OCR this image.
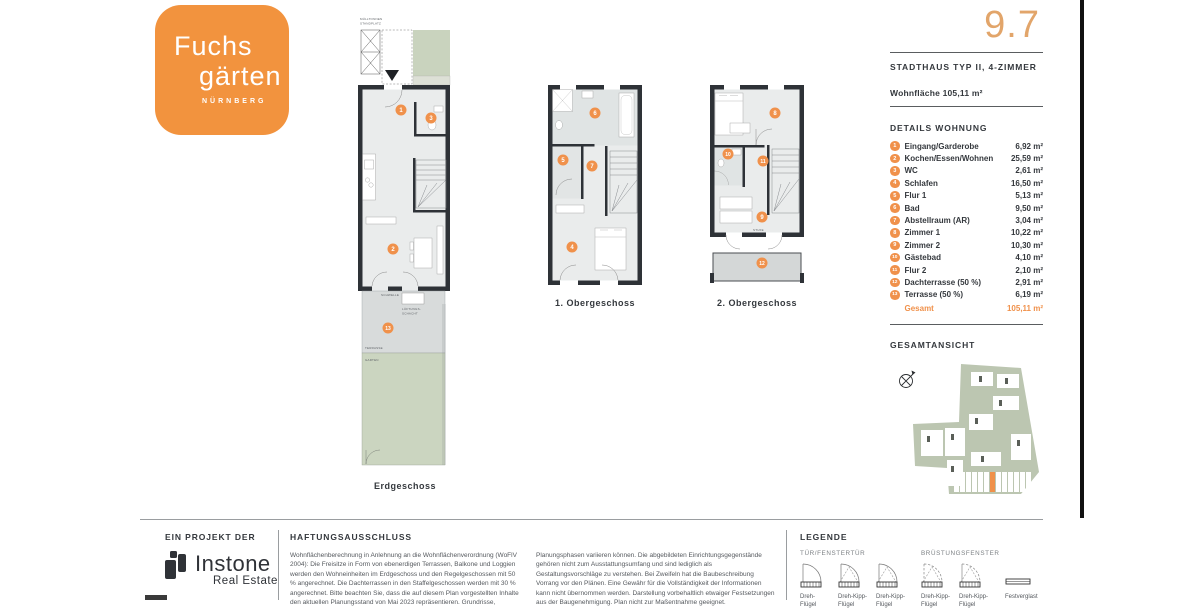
Fuchs
gärten
NÜRNBERG
MÜLLTONNEN
STANDPLATZ
SCHWELLE
LÜFTUNGS-
SCHACHT
TERRASSE
GARTEN
1
3
2
13
Erdgeschoss
6
5
7
4
1. Obergeschoss
STUFE
8
10
11
9
12
2. Obergeschoss
9.7
STADTHAUS TYP II, 4-ZIMMER
Wohnfläche 105,11 m²
DETAILS WOHNUNG
1	Eingang/Garderobe	6,92 m²
2	Kochen/Essen/Wohnen	25,59 m²
3	WC	2,61 m²
4	Schlafen	16,50 m²
5	Flur 1	5,13 m²
6	Bad	9,50 m²
7	Abstellraum (AR)	3,04 m²
8	Zimmer 1	10,22 m²
9	Zimmer 2	10,30 m²
10 Gästebad	4,10 m²
11 Flur 2	2,10 m²
12 Dachterrasse (50 %)	2,91 m²
13 Terrasse (50 %)	6,19 m²
Gesamt	105,11 m²
GESAMTANSICHT
EIN PROJEKT DER
Instone
Real Estate
HAFTUNGSAUSSCHLUSS
Wohnflächenberechnung in Anlehnung an die Wohnflächenverordnung (WoFlV 2004): Die Freisitze in Form von ebenerdigen Terrassen, Balkone und Loggien werden den Wohneinheiten im Erdgeschoss und den Regelgeschossen mit 50 % angerechnet. Die Dachterrassen in den Staffelgeschossen werden mit 30 % angerechnet. Bitte beachten Sie, dass die auf diesem Plan vorgestellten Inhalte den aktuellen Planungsstand von Mai 2023 repräsentieren. Grundrisse,
Planungsphasen variieren können. Die abgebildeten Einrichtungsgegenstände gehören nicht zum Ausstattungsumfang und sind lediglich als Gestaltungsvorschläge zu verstehen. Bei Zweifeln hat die Baubeschreibung Vorrang vor den Plänen. Eine Gewähr für die Vollständigkeit der Informationen kann nicht übernommen werden. Darstellung vorbehaltlich etwaiger Festsetzungen aus der Baugenehmigung. Plan nicht zur Maßentnahme geeignet.
LEGENDE
TÜR/FENSTERTÜR	BRÜSTUNGSFENSTER
Dreh-
Flügel
Dreh-Kipp-
Flügel
Dreh-Kipp-
Flügel
Dreh-Kipp-
Flügel
Dreh-Kipp-
Flügel
Festverglast
